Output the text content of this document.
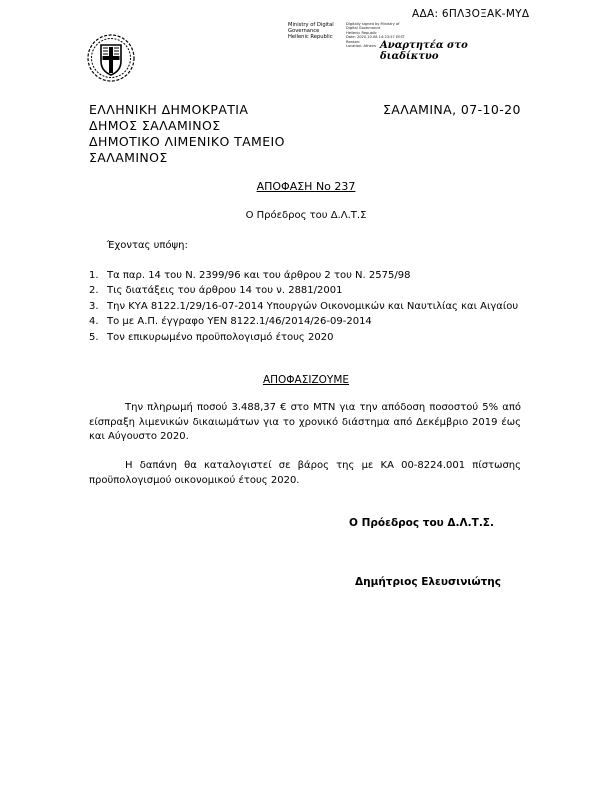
ΑΔΑ: 6ΠΛ3ΟΞΑΚ-ΜΥΔ
Ministry of Digital
Governance
Hellenic Republic
Digitally signed by Ministry of
Digital Governance
Hellenic Republic
Date: 2020.10.08 14:23:57 EEST
Reason:
Location: Athens Αναρτητέα στο διαδίκτυο
ΕΛΛΗΝΙΚΗ ΔΗΜΟΚΡΑΤΙΑ
ΔΗΜΟΣ ΣΑΛΑΜΙΝΟΣ
ΔΗΜΟΤΙΚΟ ΛΙΜΕΝΙΚΟ ΤΑΜΕΙΟ
ΣΑΛΑΜΙΝΟΣ
ΣΑΛΑΜΙΝΑ, 07-10-20
ΑΠΟΦΑΣΗ Νο 237
Ο Πρόεδρος του Δ.Λ.Τ.Σ
Έχοντας υπόψη:
1. Τα παρ. 14 του Ν. 2399/96 και του άρθρου 2 του Ν. 2575/98
2. Τις διατάξεις του άρθρου 14 του ν. 2881/2001
3. Την ΚΥΑ 8122.1/29/16-07-2014 Υπουργών Οικονομικών και Ναυτιλίας και Αιγαίου
4. Το με Α.Π. έγγραφο ΥΕΝ 8122.1/46/2014/26-09-2014
5. Τον επικυρωμένο προϋπολογισμό έτους 2020
ΑΠΟΦΑΣΙΖΟΥΜΕ
Την πληρωμή ποσού 3.488,37 € στο ΜΤΝ για την απόδοση ποσοστού 5% από είσπραξη λιμενικών δικαιωμάτων για το χρονικό διάστημα από Δεκέμβριο 2019 έως και Αύγουστο 2020.
Η δαπάνη θα καταλογιστεί σε βάρος της με ΚΑ 00-8224.001 πίστωσης προϋπολογισμού οικονομικού έτους 2020.
Ο Πρόεδρος του Δ.Λ.Τ.Σ.
Δημήτριος Ελευσινιώτης
